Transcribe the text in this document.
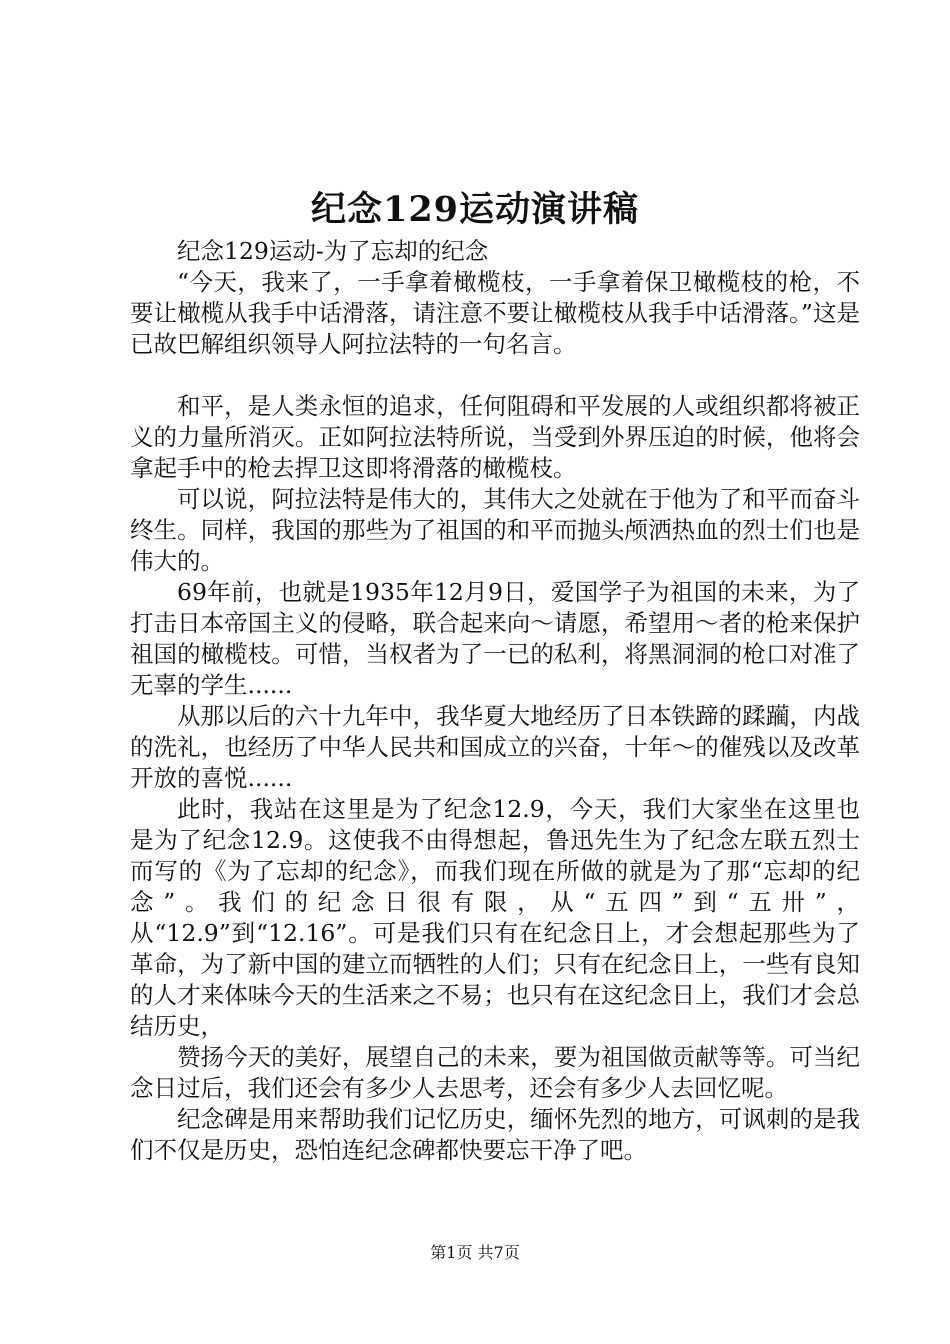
纪念129运动演讲稿

纪念129运动-为了忘却的纪念

“今天，我来了，一手拿着橄榄枝，一手拿着保卫橄榄枝的枪，不要让橄榄从我手中话滑落，请注意不要让橄榄枝从我手中话滑落。”这是已故巴解组织领导人阿拉法特的一句名言。

和平，是人类永恒的追求，任何阻碍和平发展的人或组织都将被正义的力量所消灭。正如阿拉法特所说，当受到外界压迫的时候，他将会拿起手中的枪去捍卫这即将滑落的橄榄枝。

可以说，阿拉法特是伟大的，其伟大之处就在于他为了和平而奋斗终生。同样，我国的那些为了祖国的和平而抛头颅洒热血的烈士们也是伟大的。

69年前，也就是1935年12月9日，爱国学子为祖国的未来，为了打击日本帝国主义的侵略，联合起来向～请愿，希望用～者的枪来保护祖国的橄榄枝。可惜，当权者为了一已的私利，将黑洞洞的枪口对准了无辜的学生......

从那以后的六十九年中，我华夏大地经历了日本铁蹄的蹂躏，内战的洗礼，也经历了中华人民共和国成立的兴奋，十年～的催残以及改革开放的喜悦......

此时，我站在这里是为了纪念12.9，今天，我们大家坐在这里也是为了纪念12.9。这使我不由得想起，鲁迅先生为了纪念左联五烈士而写的《为了忘却的纪念》，而我们现在所做的就是为了那“忘却的纪念”。我们的纪念日很有限，从“五四”到“五卅”，从“12.9”到“12.16”。可是我们只有在纪念日上，才会想起那些为了革命，为了新中国的建立而牺牲的人们；只有在纪念日上，一些有良知的人才来体味今天的生活来之不易；也只有在这纪念日上，我们才会总结历史，

赞扬今天的美好，展望自己的未来，要为祖国做贡献等等。可当纪念日过后，我们还会有多少人去思考，还会有多少人去回忆呢。

纪念碑是用来帮助我们记忆历史，缅怀先烈的地方，可讽刺的是我们不仅是历史，恐怕连纪念碑都快要忘干净了吧。

第1页 共7页
